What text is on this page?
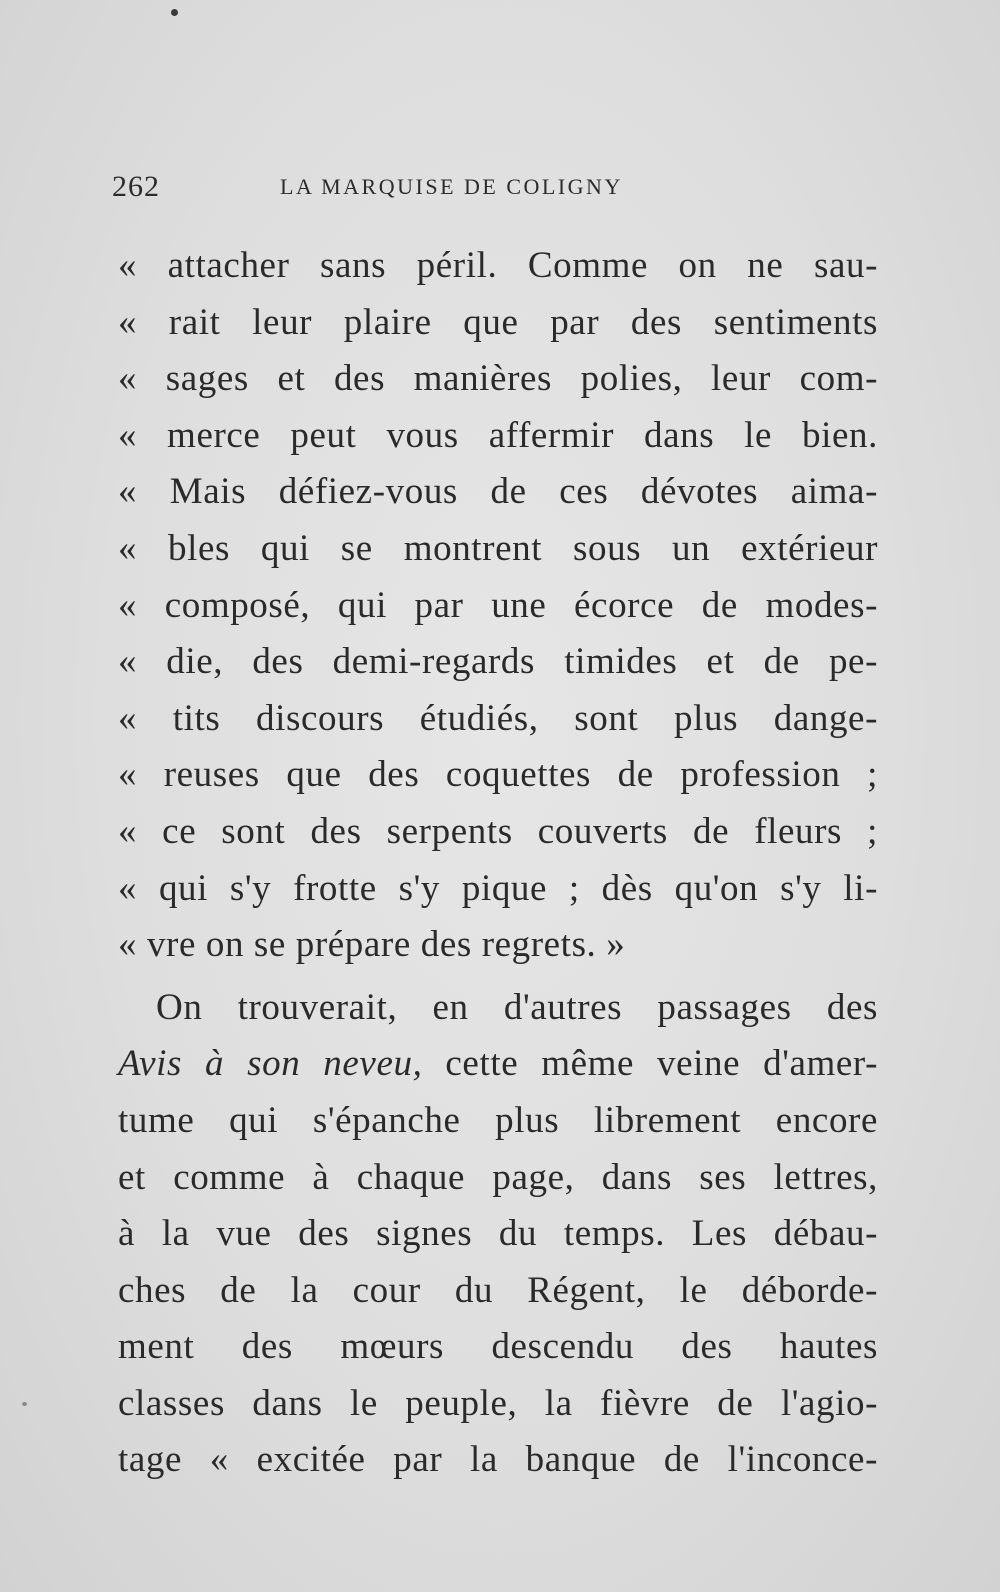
262	LA MARQUISE DE COLIGNY
« attacher sans péril. Comme on ne sau-
« rait leur plaire que par des sentiments
« sages et des manières polies, leur com-
« merce peut vous affermir dans le bien.
« Mais défiez-vous de ces dévotes aima-
« bles qui se montrent sous un extérieur
« composé, qui par une écorce de modes-
« die, des demi-regards timides et de pe-
« tits discours étudiés, sont plus dange-
« reuses que des coquettes de profession ;
« ce sont des serpents couverts de fleurs ;
« qui s'y frotte s'y pique ; dès qu'on s'y li-
« vre on se prépare des regrets. »
On trouverait, en d'autres passages des
Avis à son neveu, cette même veine d'amer-
tume qui s'épanche plus librement encore
et comme à chaque page, dans ses lettres,
à la vue des signes du temps. Les débau-
ches de la cour du Régent, le déborde-
ment des mœurs descendu des hautes
classes dans le peuple, la fièvre de l'agio-
tage « excitée par la banque de l'inconce-
